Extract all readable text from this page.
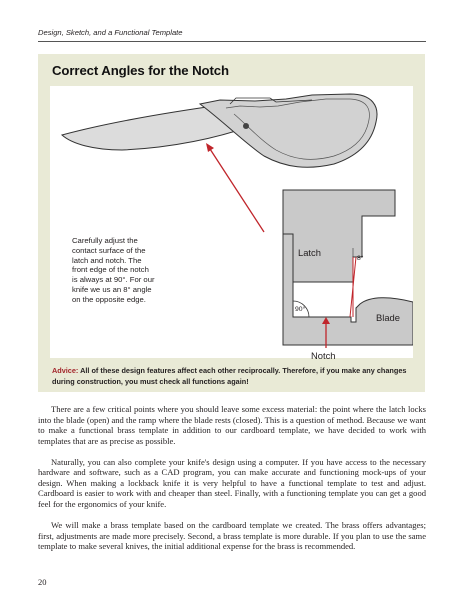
Design, Sketch, and a Functional Template
Correct Angles for the Notch
Carefully adjust the
contact surface of the
latch and notch. The
front edge of the notch
is always at 90°. For our
knife we us an 8° angle
on the opposite edge.
Latch
Blade
Notch
90°
8°
Advice: All of these design features affect each other reciprocally. Therefore, if you make any changes during construction, you must check all functions again!

There are a few critical points where you should leave some excess material: the point where the latch locks into the blade (open) and the ramp where the blade rests (closed). This is a question of method. Because we want to make a functional brass template in addition to our cardboard template, we have decided to work with templates that are as precise as possible.

Naturally, you can also complete your knife's design using a computer. If you have access to the necessary hardware and software, such as a CAD program, you can make accurate and functioning mock-ups of your design. When making a lockback knife it is very helpful to have a functional template to test and adjust. Cardboard is easier to work with and cheaper than steel. Finally, with a functioning template you can get a good feel for the ergonomics of your knife.

We will make a brass template based on the cardboard template we created. The brass offers advantages; first, adjustments are made more precisely. Second, a brass template is more durable. If you plan to use the same template to make several knives, the initial additional expense for the brass is recommended.

20
